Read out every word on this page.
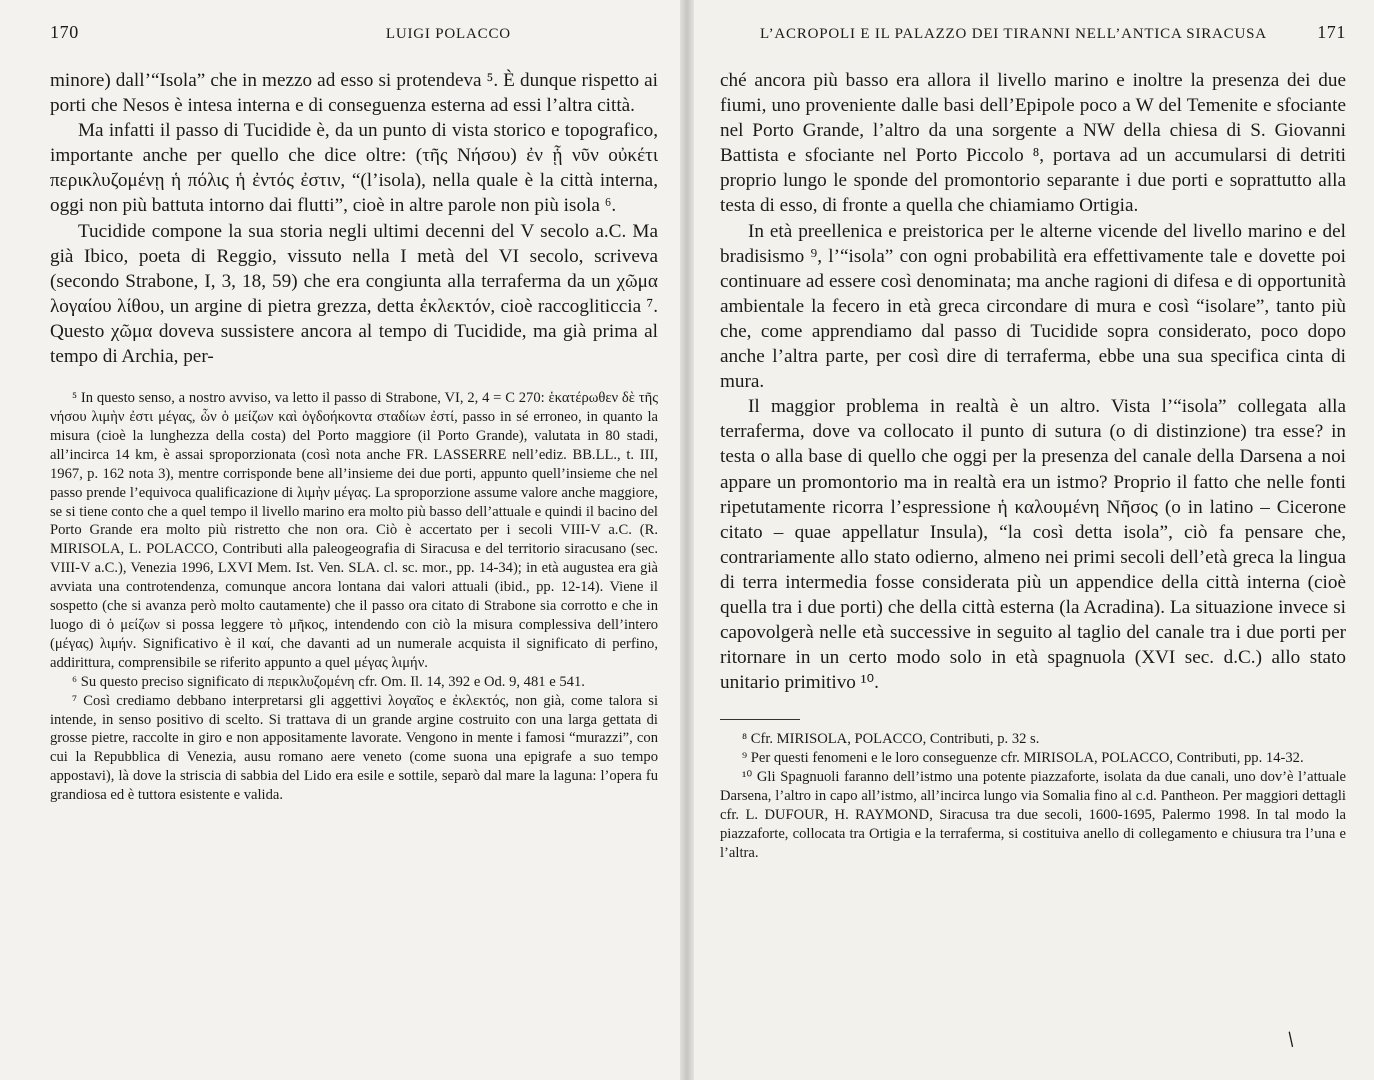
170	LUIGI POLACCO

minore) dall’“Isola” che in mezzo ad esso si protendeva ⁵. È dunque rispetto ai porti che Nesos è intesa interna e di conseguenza esterna ad essi l’altra città.

Ma infatti il passo di Tucidide è, da un punto di vista storico e topografico, importante anche per quello che dice oltre: (τῆς Νήσου) ἐν ᾗ νῦν οὐκέτι περικλυζομένῃ ἡ πόλις ἡ ἐντός ἐστιν, “(l’isola), nella quale è la città interna, oggi non più battuta intorno dai flutti”, cioè in altre parole non più isola ⁶.

Tucidide compone la sua storia negli ultimi decenni del V secolo a.C. Ma già Ibico, poeta di Reggio, vissuto nella I metà del VI secolo, scriveva (secondo Strabone, I, 3, 18, 59) che era congiunta alla terraferma da un χῶμα λογαίου λίθου, un argine di pietra grezza, detta ἐκλεκτόν, cioè raccogliticcia ⁷. Questo χῶμα doveva sussistere ancora al tempo di Tucidide, ma già prima al tempo di Archia, per-

⁵ In questo senso, a nostro avviso, va letto il passo di Strabone, VI, 2, 4 = C 270: ἑκατέρωθεν δὲ τῆς νήσου λιμὴν ἐστι μέγας, ὧν ὁ μείζων καὶ ὀγδοήκοντα σταδίων ἐστί, passo in sé erroneo, in quanto la misura (cioè la lunghezza della costa) del Porto maggiore (il Porto Grande), valutata in 80 stadi, all’incirca 14 km, è assai sproporzionata (così nota anche FR. LASSERRE nell’ediz. BB.LL., t. III, 1967, p. 162 nota 3), mentre corrisponde bene all’insieme dei due porti, appunto quell’insieme che nel passo prende l’equivoca qualificazione di λιμὴν μέγας. La sproporzione assume valore anche maggiore, se si tiene conto che a quel tempo il livello marino era molto più basso dell’attuale e quindi il bacino del Porto Grande era molto più ristretto che non ora. Ciò è accertato per i secoli VIII-V a.C. (R. MIRISOLA, L. POLACCO, Contributi alla paleogeografia di Siracusa e del territorio siracusano (sec. VIII-V a.C.), Venezia 1996, LXVI Mem. Ist. Ven. SLA. cl. sc. mor., pp. 14-34); in età augustea era già avviata una controtendenza, comunque ancora lontana dai valori attuali (ibid., pp. 12-14). Viene il sospetto (che si avanza però molto cautamente) che il passo ora citato di Strabone sia corrotto e che in luogo di ὁ μείζων si possa leggere τὸ μῆκος, intendendo con ciò la misura complessiva dell’intero (μέγας) λιμήν. Significativo è il καί, che davanti ad un numerale acquista il significato di perfino, addirittura, comprensibile se riferito appunto a quel μέγας λιμήν.

⁶ Su questo preciso significato di περικλυζομένη cfr. Om. Il. 14, 392 e Od. 9, 481 e 541.

⁷ Così crediamo debbano interpretarsi gli aggettivi λογαῖος e ἐκλεκτός, non già, come talora si intende, in senso positivo di scelto. Si trattava di un grande argine costruito con una larga gettata di grosse pietre, raccolte in giro e non appositamente lavorate. Vengono in mente i famosi “murazzi”, con cui la Repubblica di Venezia, ausu romano aere veneto (come suona una epigrafe a suo tempo appostavi), là dove la striscia di sabbia del Lido era esile e sottile, separò dal mare la laguna: l’opera fu grandiosa ed è tuttora esistente e valida.

L’ACROPOLI E IL PALAZZO DEI TIRANNI NELL’ANTICA SIRACUSA	171

ché ancora più basso era allora il livello marino e inoltre la presenza dei due fiumi, uno proveniente dalle basi dell’Epipole poco a W del Temenite e sfociante nel Porto Grande, l’altro da una sorgente a NW della chiesa di S. Giovanni Battista e sfociante nel Porto Piccolo ⁸, portava ad un accumularsi di detriti proprio lungo le sponde del promontorio separante i due porti e soprattutto alla testa di esso, di fronte a quella che chiamiamo Ortigia.

In età preellenica e preistorica per le alterne vicende del livello marino e del bradisismo ⁹, l’“isola” con ogni probabilità era effettivamente tale e dovette poi continuare ad essere così denominata; ma anche ragioni di difesa e di opportunità ambientale la fecero in età greca circondare di mura e così “isolare”, tanto più che, come apprendiamo dal passo di Tucidide sopra considerato, poco dopo anche l’altra parte, per così dire di terraferma, ebbe una sua specifica cinta di mura.

Il maggior problema in realtà è un altro. Vista l’“isola” collegata alla terraferma, dove va collocato il punto di sutura (o di distinzione) tra esse? in testa o alla base di quello che oggi per la presenza del canale della Darsena a noi appare un promontorio ma in realtà era un istmo? Proprio il fatto che nelle fonti ripetutamente ricorra l’espressione ἡ καλουμένη Νῆσος (o in latino – Cicerone citato – quae appellatur Insula), “la così detta isola”, ciò fa pensare che, contrariamente allo stato odierno, almeno nei primi secoli dell’età greca la lingua di terra intermedia fosse considerata più un appendice della città interna (cioè quella tra i due porti) che della città esterna (la Acradina). La situazione invece si capovolgerà nelle età successive in seguito al taglio del canale tra i due porti per ritornare in un certo modo solo in età spagnuola (XVI sec. d.C.) allo stato unitario primitivo ¹⁰.

⁸ Cfr. MIRISOLA, POLACCO, Contributi, p. 32 s.

⁹ Per questi fenomeni e le loro conseguenze cfr. MIRISOLA, POLACCO, Contributi, pp. 14-32.

¹⁰ Gli Spagnuoli faranno dell’istmo una potente piazzaforte, isolata da due canali, uno dov’è l’attuale Darsena, l’altro in capo all’istmo, all’incirca lungo via Somalia fino al c.d. Pantheon. Per maggiori dettagli cfr. L. DUFOUR, H. RAYMOND, Siracusa tra due secoli, 1600-1695, Palermo 1998. In tal modo la piazzaforte, collocata tra Ortigia e la terraferma, si costituiva anello di collegamento e chiusura tra l’una e l’altra.

/
